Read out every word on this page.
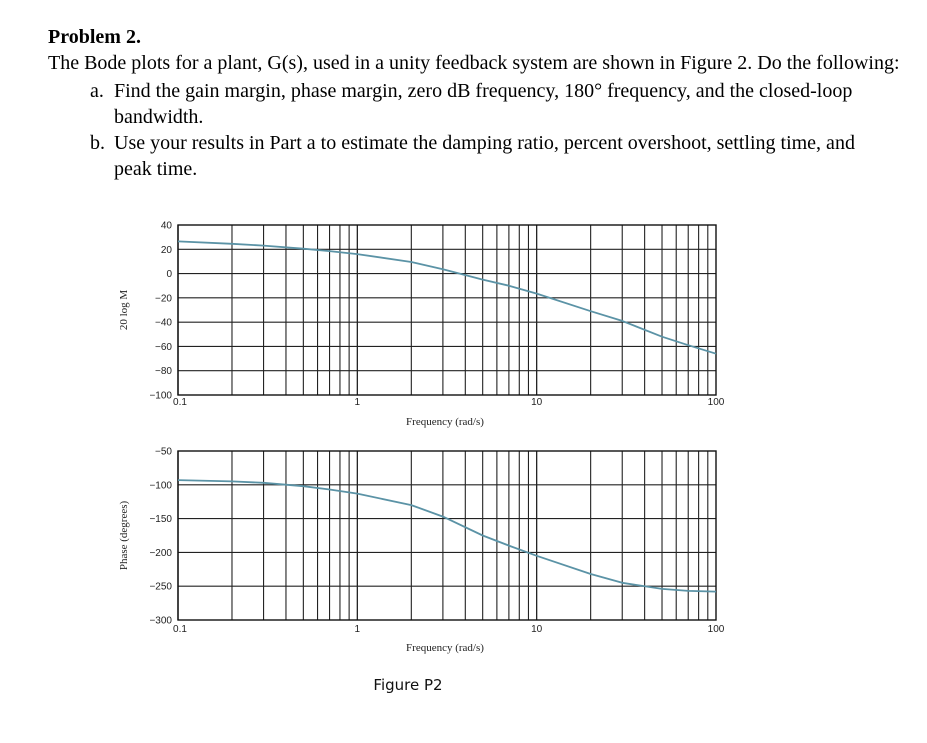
Problem 2.
The Bode plots for a plant, G(s), used in a unity feedback system are shown in Figure 2. Do the following:
a. Find the gain margin, phase margin, zero dB frequency, 180° frequency, and the closed-loop bandwidth.
b. Use your results in Part a to estimate the damping ratio, percent overshoot, settling time, and peak time.
40
20
0
−20
−40
−60
−80
−100
0.1	1	10	100
Frequency (rad/s)
20 log M
−50
−100
−150
−200
−250
−300
0.1	1	10	100
Frequency (rad/s)
Phase (degrees)
Figure P2
